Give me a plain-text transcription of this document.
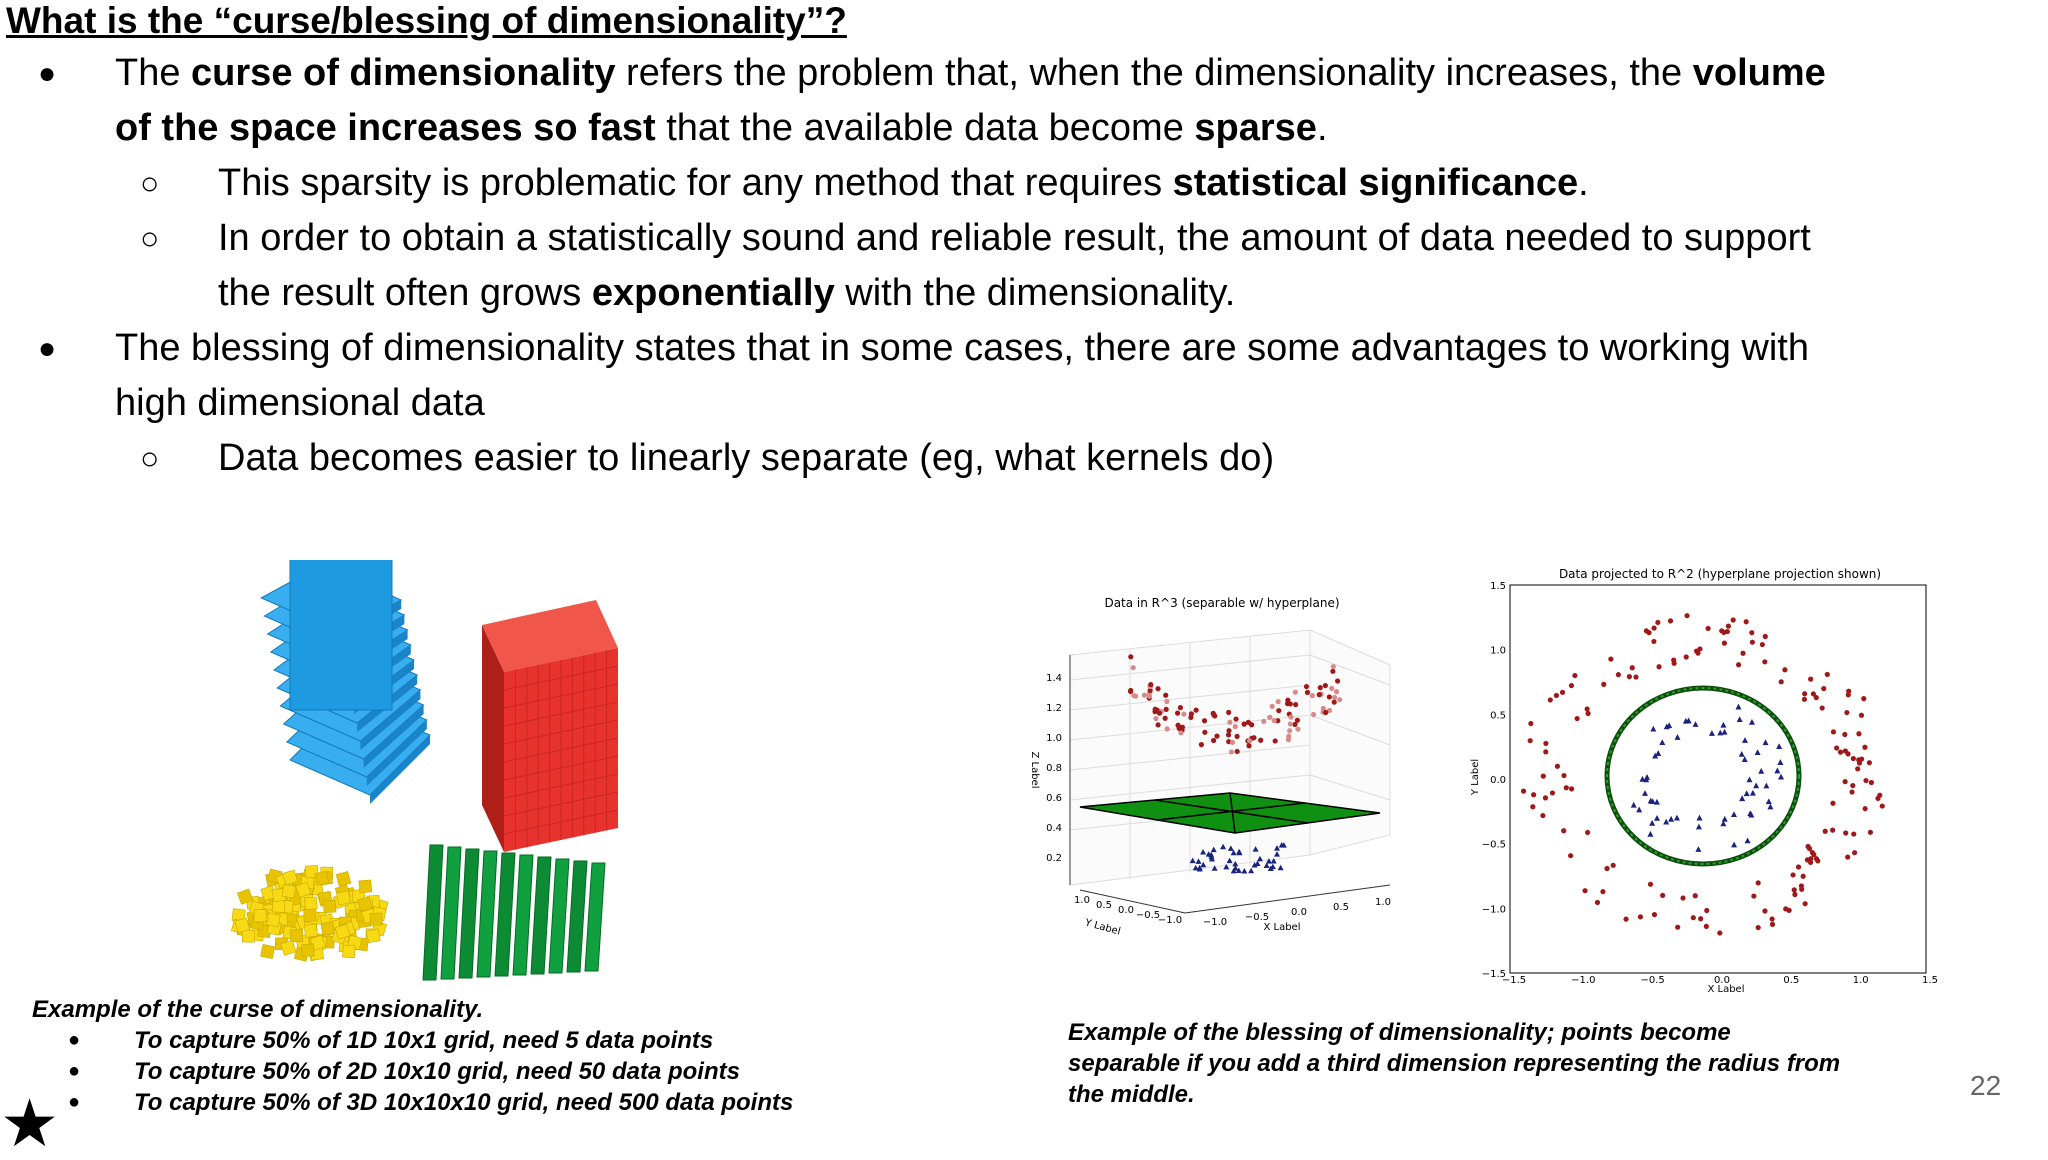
What is the “curse/blessing of dimensionality”?
● The curse of dimensionality refers the problem that, when the dimensionality increases, the volume
of the space increases so fast that the available data become sparse.
○ This sparsity is problematic for any method that requires statistical significance.
○ In order to obtain a statistically sound and reliable result, the amount of data needed to support
the result often grows exponentially with the dimensionality.
● The blessing of dimensionality states that in some cases, there are some advantages to working with
high dimensional data
○ Data becomes easier to linearly separate (eg, what kernels do)
Data in R^3 (separable w/ hyperplane)
1.4
1.2
1.0
0.8
0.6
0.4
0.2
Z Label
−1.0 −0.5 0.0	0.5	1.0
1.0 0.5 0.0 −0.5
−1.0
X Label
Y Label
Data projected to R^2 (hyperplane projection shown)
1.5
1.0
0.5
0.0
−0.5
−1.0
−1.5
−1.5	−1.0	−0.5	0.0	0.5	1.0	1.5
X Label
Y Label
Example of the curse of dimensionality.
● To capture 50% of 1D 10x1 grid, need 5 data points
● To capture 50% of 2D 10x10 grid, need 50 data points
● To capture 50% of 3D 10x10x10 grid, need 500 data points
Example of the blessing of dimensionality; points become
separable if you add a third dimension representing the radius from
the middle.	22
★
